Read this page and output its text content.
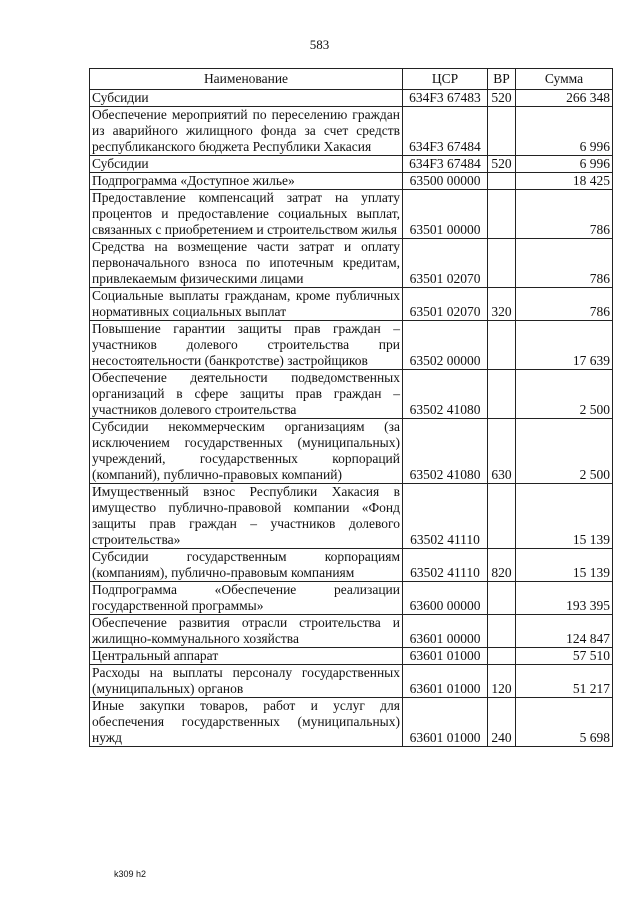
583
Наименование	ЦСР	ВР	Сумма
Субсидии	634F3 67483	520	266 348
Обеспечение мероприятий по переселению граждан из аварийного жилищного фонда за счет средств республиканского бюджета Республики Хакасия	634F3 67484		6 996
Субсидии	634F3 67484	520	6 996
Подпрограмма «Доступное жилье»	63500 00000		18 425
Предоставление компенсаций затрат на уплату процентов и предоставление социальных выплат, связанных с приобретением и строительством жилья	63501 00000		786
Средства на возмещение части затрат и оплату первоначального взноса по ипотечным кредитам, привлекаемым физическими лицами	63501 02070		786
Социальные выплаты гражданам, кроме публичных нормативных социальных выплат	63501 02070	320	786
Повышение гарантии защиты прав граждан – участников долевого строительства при несостоятельности (банкротстве) застройщиков	63502 00000		17 639
Обеспечение деятельности подведомственных организаций в сфере защиты прав граждан – участников долевого строительства	63502 41080		2 500
Субсидии некоммерческим организациям (за исключением государственных (муниципальных) учреждений, государственных корпораций (компаний), публично-правовых компаний)	63502 41080	630	2 500
Имущественный взнос Республики Хакасия в имущество публично-правовой компании «Фонд защиты прав граждан – участников долевого строительства»	63502 41110		15 139
Субсидии государственным корпорациям (компаниям), публично-правовым компаниям	63502 41110	820	15 139
Подпрограмма «Обеспечение реализации государственной программы»	63600 00000		193 395
Обеспечение развития отрасли строительства и жилищно-коммунального хозяйства	63601 00000		124 847
Центральный аппарат	63601 01000		57 510
Расходы на выплаты персоналу государственных (муниципальных) органов	63601 01000	120	51 217
Иные закупки товаров, работ и услуг для обеспечения государственных (муниципальных) нужд	63601 01000	240	5 698
k309 h2
